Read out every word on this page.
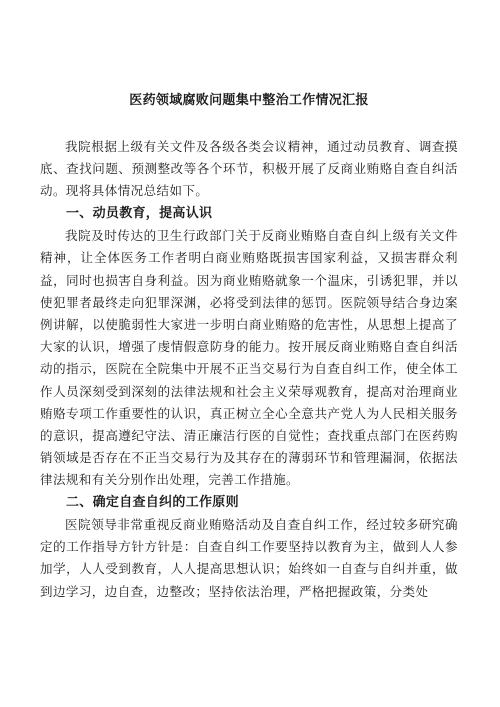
医药领域腐败问题集中整治工作情况汇报

我院根据上级有关文件及各级各类会议精神，通过动员教育、调查摸底、查找问题、预测整改等各个环节，积极开展了反商业贿赂自查自纠活动。现将具体情况总结如下。

一、动员教育，提高认识

我院及时传达的卫生行政部门关于反商业贿赂自查自纠上级有关文件精神，让全体医务工作者明白商业贿赂既损害国家利益，又损害群众利益，同时也损害自身利益。因为商业贿赂就象一个温床，引诱犯罪，并以使犯罪者最终走向犯罪深渊，必将受到法律的惩罚。医院领导结合身边案例讲解，以使脆弱性大家进一步明白商业贿赂的危害性，从思想上提高了大家的认识，增强了虔情假意防身的能力。按开展反商业贿赂自查自纠活动的指示，医院在全院集中开展不正当交易行为自查自纠工作，使全体工作人员深刻受到深刻的法律法规和社会主义荣辱观教育，提高对治理商业贿赂专项工作重要性的认识，真正树立全心全意共产党人为人民相关服务的意识，提高遵纪守法、清正廉洁行医的自觉性；查找重点部门在医药购销领域是否存在不正当交易行为及其存在的薄弱环节和管理漏洞，依据法律法规和有关分别作出处理，完善工作措施。

二、确定自查自纠的工作原则

医院领导非常重视反商业贿赂活动及自查自纠工作，经过较多研究确定的工作指导方针方针是：自查自纠工作要坚持以教育为主，做到人人参加学，人人受到教育，人人提高思想认识；始终如一自查与自纠并重，做到边学习，边自查，边整改；坚持依法治理，严格把握政策，分类处
